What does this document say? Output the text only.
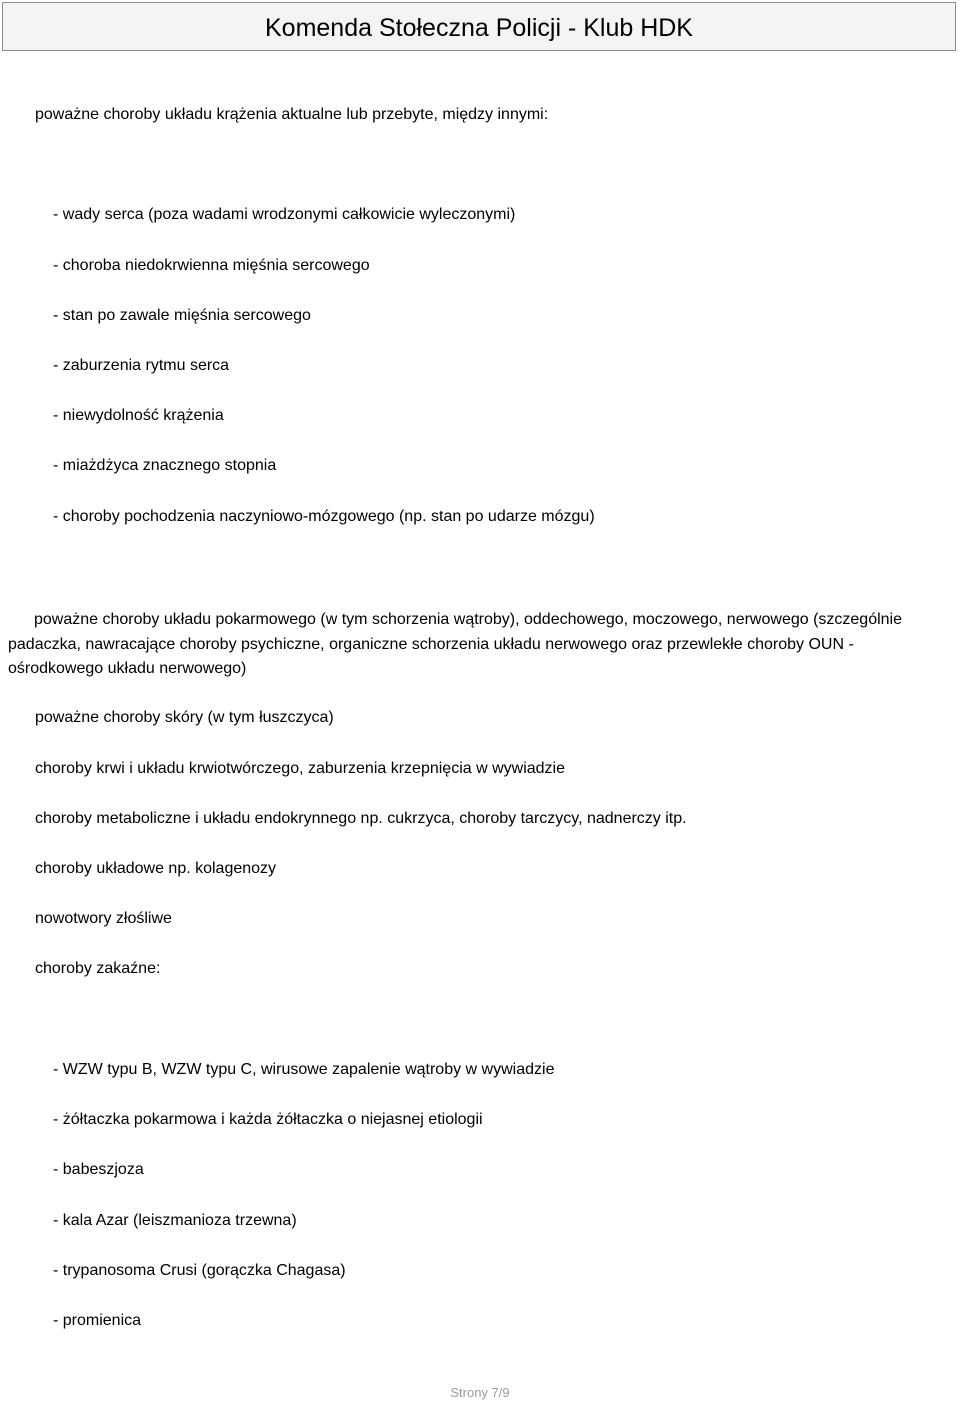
Komenda Stołeczna Policji - Klub HDK
poważne choroby układu krążenia aktualne lub przebyte, między innymi:
- wady serca (poza wadami wrodzonymi całkowicie wyleczonymi)
- choroba niedokrwienna mięśnia sercowego
- stan po zawale mięśnia sercowego
- zaburzenia rytmu serca
- niewydolność krążenia
- miażdżyca znacznego stopnia
- choroby pochodzenia naczyniowo-mózgowego (np. stan po udarze mózgu)
poważne choroby układu pokarmowego (w tym schorzenia wątroby), oddechowego, moczowego, nerwowego (szczególnie padaczka, nawracające choroby psychiczne, organiczne schorzenia układu nerwowego oraz przewlekłe choroby OUN - ośrodkowego układu nerwowego)
poważne choroby skóry (w tym łuszczyca)
choroby krwi i układu krwiotwórczego, zaburzenia krzepnięcia w wywiadzie
choroby metaboliczne i układu endokrynnego np. cukrzyca, choroby tarczycy, nadnerczy itp.
choroby układowe np. kolagenozy
nowotwory złośliwe
choroby zakaźne:
- WZW typu B, WZW typu C, wirusowe zapalenie wątroby w wywiadzie
- żółtaczka pokarmowa i każda żółtaczka o niejasnej etiologii
- babeszjoza
- kala Azar (leiszmanioza trzewna)
- trypanosoma Crusi (gorączka Chagasa)
- promienica
Strony 7/9
